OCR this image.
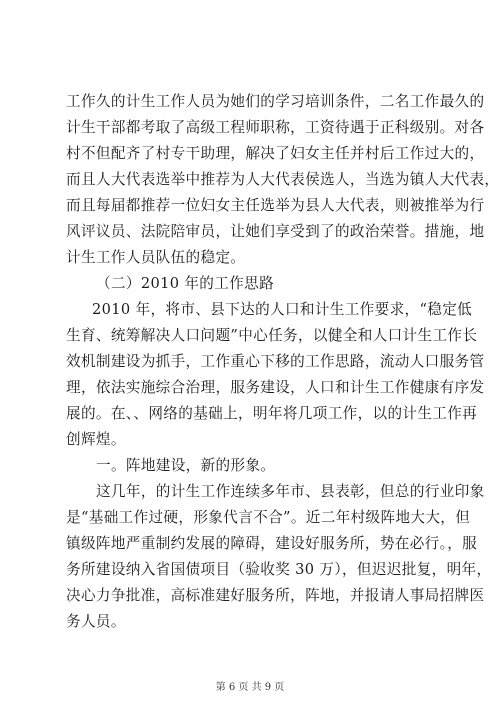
工作久的计生工作人员为她们的学习培训条件，二名工作最久的
计生干部都考取了高级工程师职称，工资待遇于正科级别。对各
村不但配齐了村专干助理，解决了妇女主任并村后工作过大的，
而且人大代表选举中推荐为人大代表侯选人，当选为镇人大代表，
而且每届都推荐一位妇女主任选举为县人大代表，则被推举为行
风评议员、法院陪审员，让她们享受到了的政治荣誉。措施，地
计生工作人员队伍的稳定。
（二）2010 年的工作思路
2010 年，将市、县下达的人口和计生工作要求，“稳定低
生育、统筹解决人口问题”中心任务，以健全和人口计生工作长
效机制建设为抓手，工作重心下移的工作思路，流动人口服务管
理，依法实施综合治理，服务建设，人口和计生工作健康有序发
展的。在、、网络的基础上，明年将几项工作，以的计生工作再
创辉煌。
一。阵地建设，新的形象。
这几年，的计生工作连续多年市、县表彰，但总的行业印象
是“基础工作过硬，形象代言不合”。近二年村级阵地大大，但
镇级阵地严重制约发展的障碍，建设好服务所，势在必行。，服
务所建设纳入省国债项目（验收奖 30 万），但迟迟批复，明年，
决心力争批准，高标准建好服务所，阵地，并报请人事局招牌医
务人员。
第 6 页 共 9 页
